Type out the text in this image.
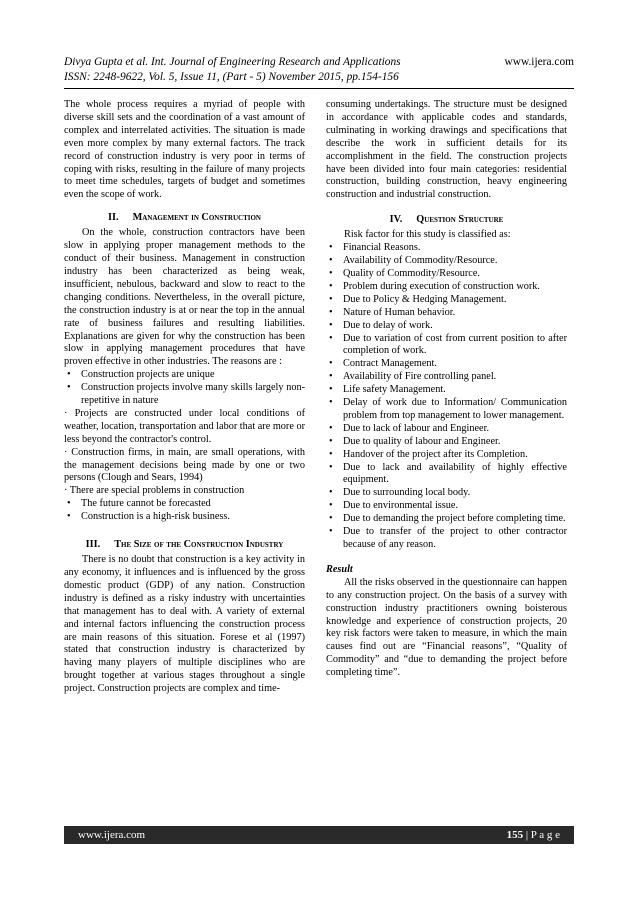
Divya Gupta et al. Int. Journal of Engineering Research and Applications	www.ijera.com
ISSN: 2248-9622, Vol. 5, Issue 11, (Part - 5) November 2015, pp.154-156

The whole process requires a myriad of people with diverse skill sets and the coordination of a vast amount of complex and interrelated activities. The situation is made even more complex by many external factors. The track record of construction industry is very poor in terms of coping with risks, resulting in the failure of many projects to meet time schedules, targets of budget and sometimes even the scope of work.

II. Management in Construction

On the whole, construction contractors have been slow in applying proper management methods to the conduct of their business. Management in construction industry has been characterized as being weak, insufficient, nebulous, backward and slow to react to the changing conditions. Nevertheless, in the overall picture, the construction industry is at or near the top in the annual rate of business failures and resulting liabilities. Explanations are given for why the construction has been slow in applying management procedures that have proven effective in other industries. The reasons are :

• Construction projects are unique
• Construction projects involve many skills largely non-repetitive in nature

· Projects are constructed under local conditions of weather, location, transportation and labor that are more or less beyond the contractor's control.

· Construction firms, in main, are small operations, with the management decisions being made by one or two persons (Clough and Sears, 1994)

· There are special problems in construction

• The future cannot be forecasted
• Construction is a high-risk business.
III. The Size of the Construction Industry

There is no doubt that construction is a key activity in any economy, it influences and is influenced by the gross domestic product (GDP) of any nation. Construction industry is defined as a risky industry with uncertainties that management has to deal with. A variety of external and internal factors influencing the construction process are main reasons of this situation. Forese et al (1997) stated that construction industry is characterized by having many players of multiple disciplines who are brought together at various stages throughout a single project. Construction projects are complex and time-

consuming undertakings. The structure must be designed in accordance with applicable codes and standards, culminating in working drawings and specifications that describe the work in sufficient details for its accomplishment in the field. The construction projects have been divided into four main categories: residential construction, building construction, heavy engineering construction and industrial construction.

IV. Question Structure

Risk factor for this study is classified as:

• Financial Reasons.
• Availability of Commodity/Resource.
• Quality of Commodity/Resource.
• Problem during execution of construction work.
• Due to Policy & Hedging Management.
• Nature of Human behavior.
• Due to delay of work.
• Due to variation of cost from current position to after completion of work.
• Contract Management.
• Availability of Fire controlling panel.
• Life safety Management.
• Delay of work due to Information/ Communication problem from top management to lower management.
• Due to lack of labour and Engineer.
• Due to quality of labour and Engineer.
• Handover of the project after its Completion.
• Due to lack and availability of highly effective equipment.
• Due to surrounding local body.
• Due to environmental issue.
• Due to demanding the project before completing time.
• Due to transfer of the project to other contractor because of any reason.

Result

All the risks observed in the questionnaire can happen to any construction project. On the basis of a survey with construction industry practitioners owning boisterous knowledge and experience of construction projects, 20 key risk factors were taken to measure, in which the main causes find out are “Financial reasons”, “Quality of Commodity” and “due to demanding the project before completing time”.

www.ijera.com	155 | P a g e
